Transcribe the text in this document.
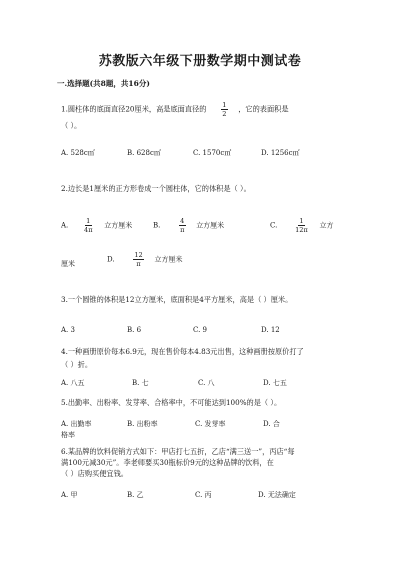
苏教版六年级下册数学期中测试卷
一.选择题(共8题，共16分)
1.圆柱体的底面直径20厘米，高是底面直径的 $\frac{1}{2}$ ，它的表面积是
（ ）。
A. 528c㎡	B. 628c㎡	C. 1570c㎡	D. 1256c㎡
2.边长是1厘米的正方形卷成一个圆柱体，它的体积是（ ）。
A. $\frac{1}{4\pi}$ 立方厘米	B.	$\frac{4}{\pi}$ 立方厘米	C. $\frac{1}{12\pi}$ 立方
厘米
D.	$\frac{12}{\pi}$ 立方厘米
3.一个圆锥的体积是12立方厘米，底面积是4平方厘米，高是（ ）厘米。
A. 3	B. 6	C. 9	D. 12
4.一种画册原价每本6.9元，现在售价每本4.83元出售，这种画册按原价打了
（ ）折。
A. 八五	B. 七	C. 八	D. 七五
5.出勤率、出粉率、发芽率、合格率中，不可能达到100%的是（ ）。
A. 出勤率	B. 出粉率	C. 发芽率	D. 合
格率
6.某品牌的饮料促销方式如下：甲店打七五折，乙店“满三送一”，丙店“每
满100元减30元”。李老师要买30瓶标价9元的这种品牌的饮料，在
（ ）店购买便宜钱。
A. 甲	B. 乙	C. 丙	D. 无法确定
